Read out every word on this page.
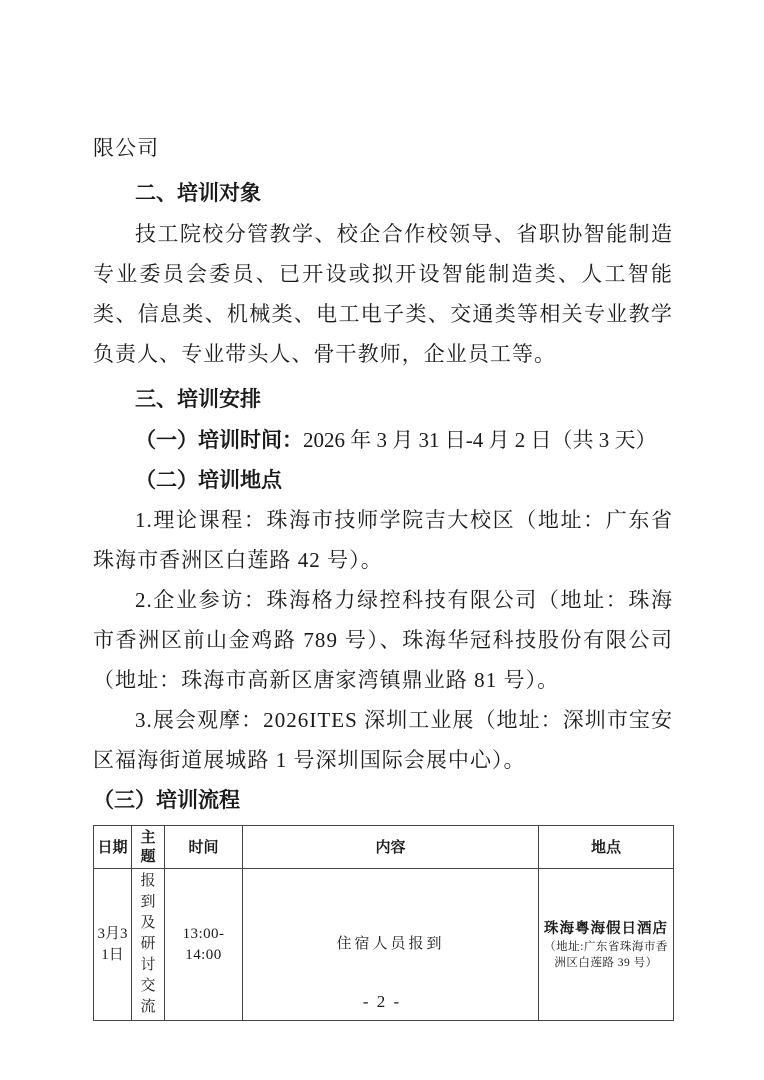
限公司

二、培训对象

技工院校分管教学、校企合作校领导、省职协智能制造专业委员会委员、已开设或拟开设智能制造类、人工智能类、信息类、机械类、电工电子类、交通类等相关专业教学负责人、专业带头人、骨干教师，企业员工等。

三、培训安排

（一）培训时间：2026 年 3 月 31 日-4 月 2 日（共 3 天）

（二）培训地点

1.理论课程：珠海市技师学院吉大校区（地址：广东省珠海市香洲区白莲路 42 号）。

2.企业参访：珠海格力绿控科技有限公司（地址：珠海市香洲区前山金鸡路 789 号）、珠海华冠科技股份有限公司（地址：珠海市高新区唐家湾镇鼎业路 81 号）。

3.展会观摩：2026ITES 深圳工业展（地址：深圳市宝安区福海街道展城路 1 号深圳国际会展中心）。

（三）培训流程

日期	主题	时间	内容	地点
3月31日	报到及研讨交流	13:00-14:00	住宿人员报到	珠海粤海假日酒店
（地址:广东省珠海市香洲区白莲路 39 号）
- 2 -
